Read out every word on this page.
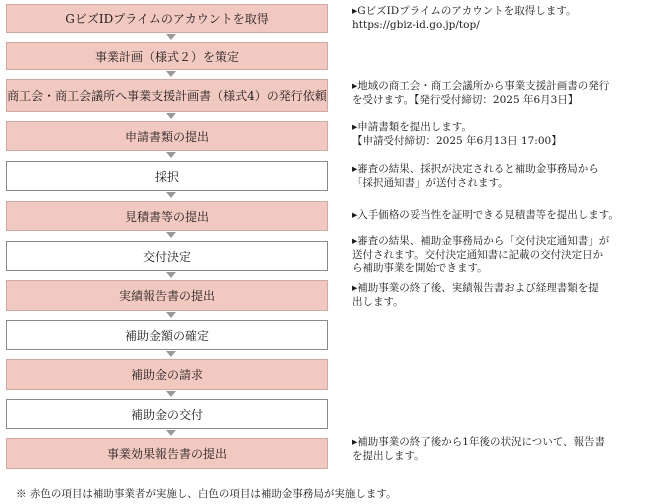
GビズIDプライムのアカウントを取得
事業計画（様式２）を策定
商工会・商工会議所へ事業支援計画書（様式4）の発行依頼
申請書類の提出
採択
見積書等の提出
交付決定
実績報告書の提出
補助金額の確定
補助金の請求
補助金の交付
事業効果報告書の提出
▸GビズIDプライムのアカウントを取得します。
https://gbiz-id.go.jp/top/
▸地域の商工会・商工会議所から事業支援計画書の発行
を受けます。【発行受付締切：2025 年6月3日】
▸申請書類を提出します。
【申請受付締切：2025 年6月13日 17:00】
▸審査の結果、採択が決定されると補助金事務局から
「採択通知書」が送付されます。
▸入手価格の妥当性を証明できる見積書等を提出します。
▸審査の結果、補助金事務局から「交付決定通知書」が
送付されます。交付決定通知書に記載の交付決定日か
ら補助事業を開始できます。
▸補助事業の終了後、実績報告書および経理書類を提
出します。
▸補助事業の終了後から1年後の状況について、報告書
を提出します。
※ 赤色の項目は補助事業者が実施し、白色の項目は補助金事務局が実施します。
